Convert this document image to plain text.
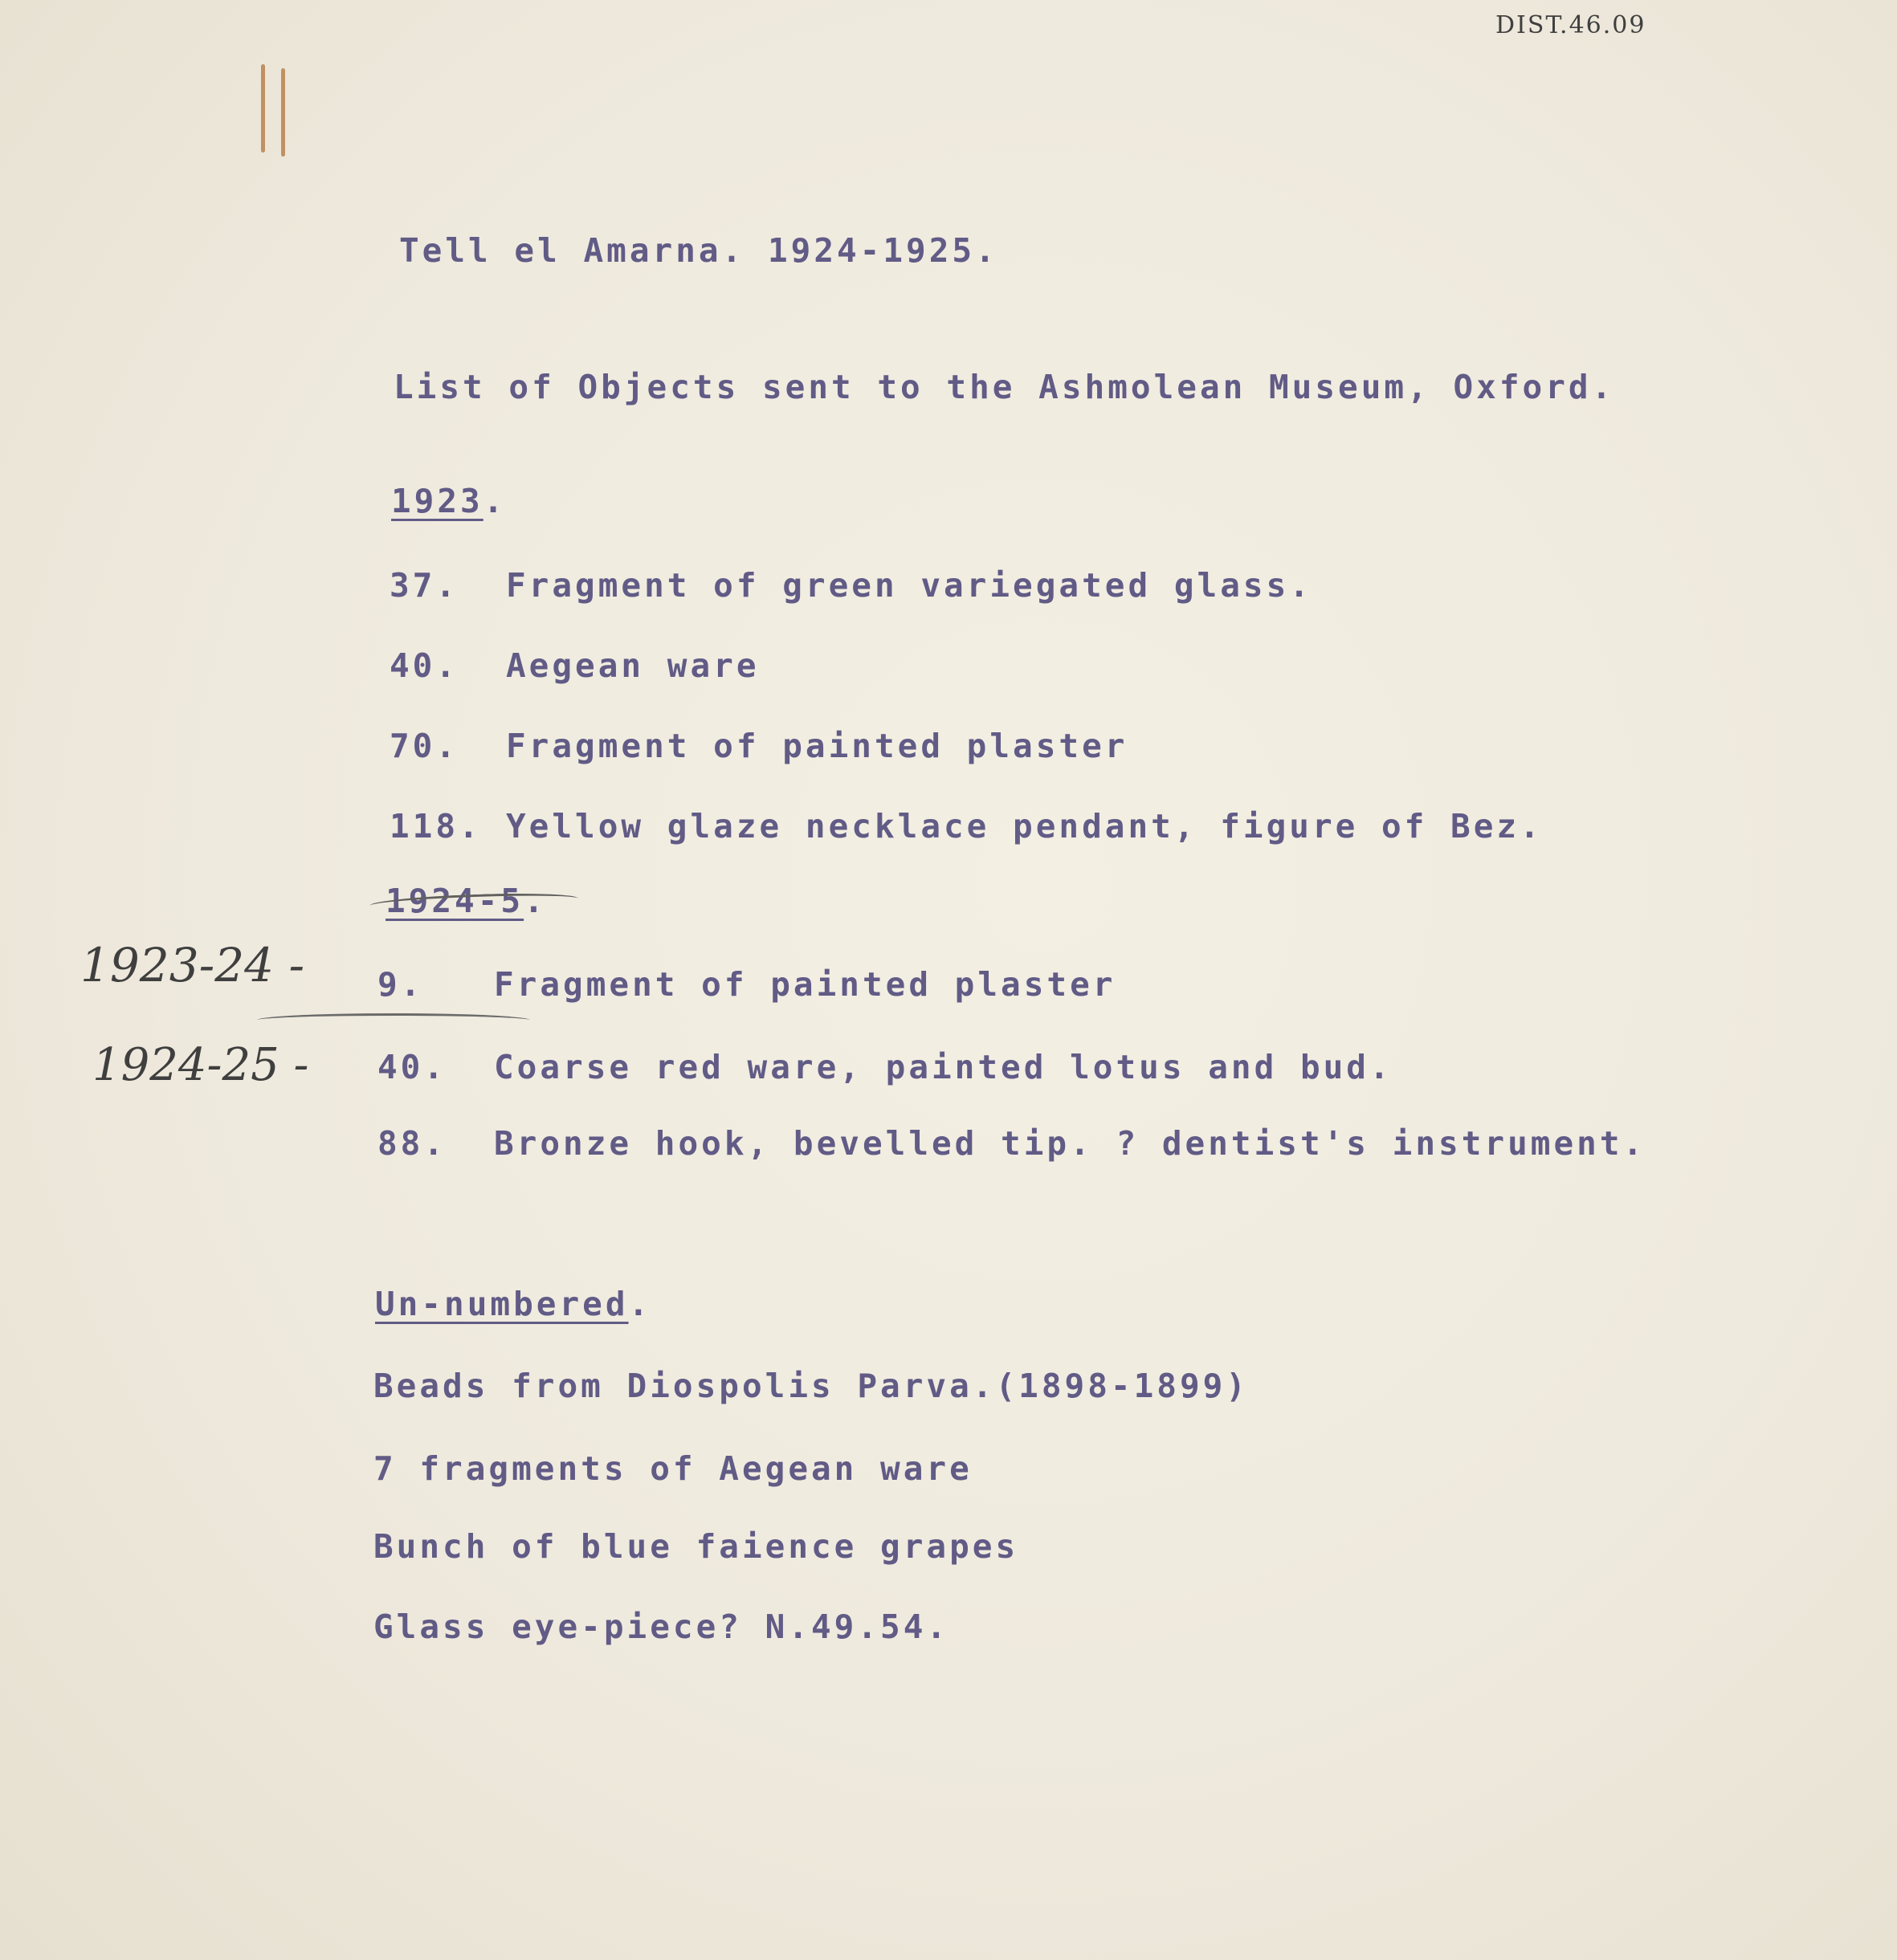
DIST.46.09
Tell el Amarna. 1924-1925.
List of Objects sent to the Ashmolean Museum, Oxford.
1923.
37. Fragment of green variegated glass.
40. Aegean ware
70. Fragment of painted plaster
118. Yellow glaze necklace pendant, figure of Bez.
1924-5.
1923-24 - 9. Fragment of painted plaster
1924-25 - 40. Coarse red ware, painted lotus and bud.
88. Bronze hook, bevelled tip. ? dentist's instrument.
Un-numbered.
Beads from Diospolis Parva.(1898-1899)
7 fragments of Aegean ware
Bunch of blue faience grapes
Glass eye-piece? N.49.54.
